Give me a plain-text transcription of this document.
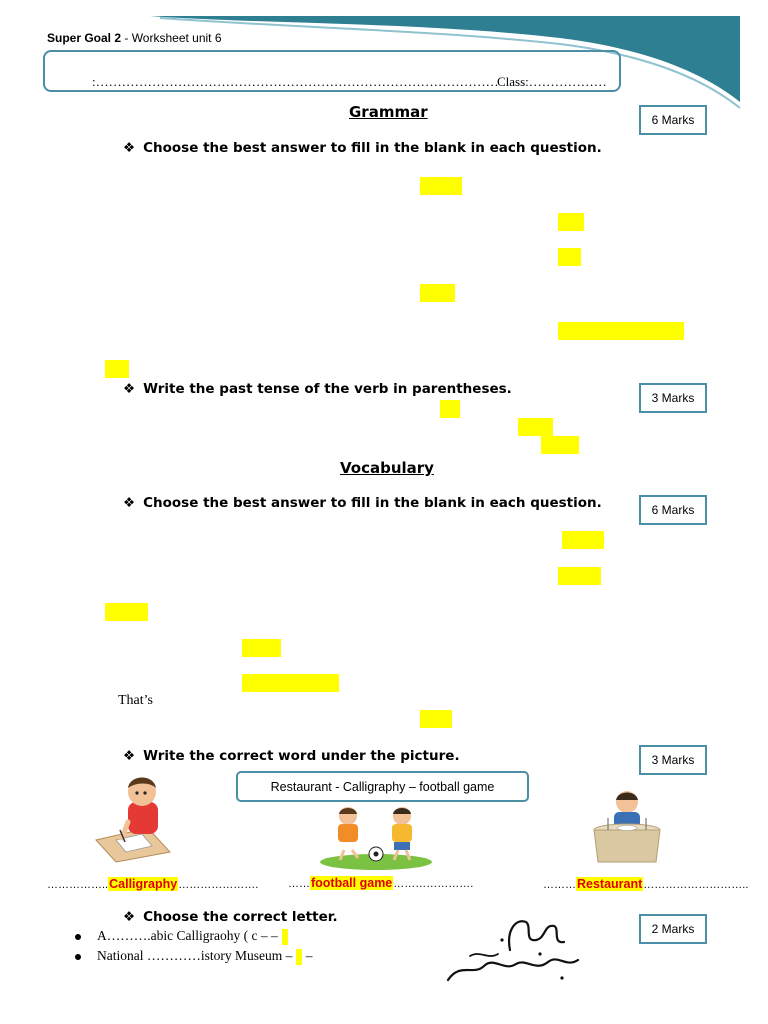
Super Goal 2 - Worksheet unit 6
:…………………………………………………………………………………
Class:………………
Grammar	6 Marks
❖ Choose the best answer to fill in the blank in each question.
❖ Write the past tense of the verb in parentheses.
3 Marks
Vocabulary
❖ Choose the best answer to fill in the blank in each question.	6 Marks
That’s
❖ Write the correct word under the picture.	3 Marks
Restaurant - Calligraphy – football game
……………..Calligraphy………………….	……football game………………….	………Restaurant………………………..
❖ Choose the correct letter.
2 Marks
A……….abic Calligraohy ( c – –
National …………istory Museum – –
